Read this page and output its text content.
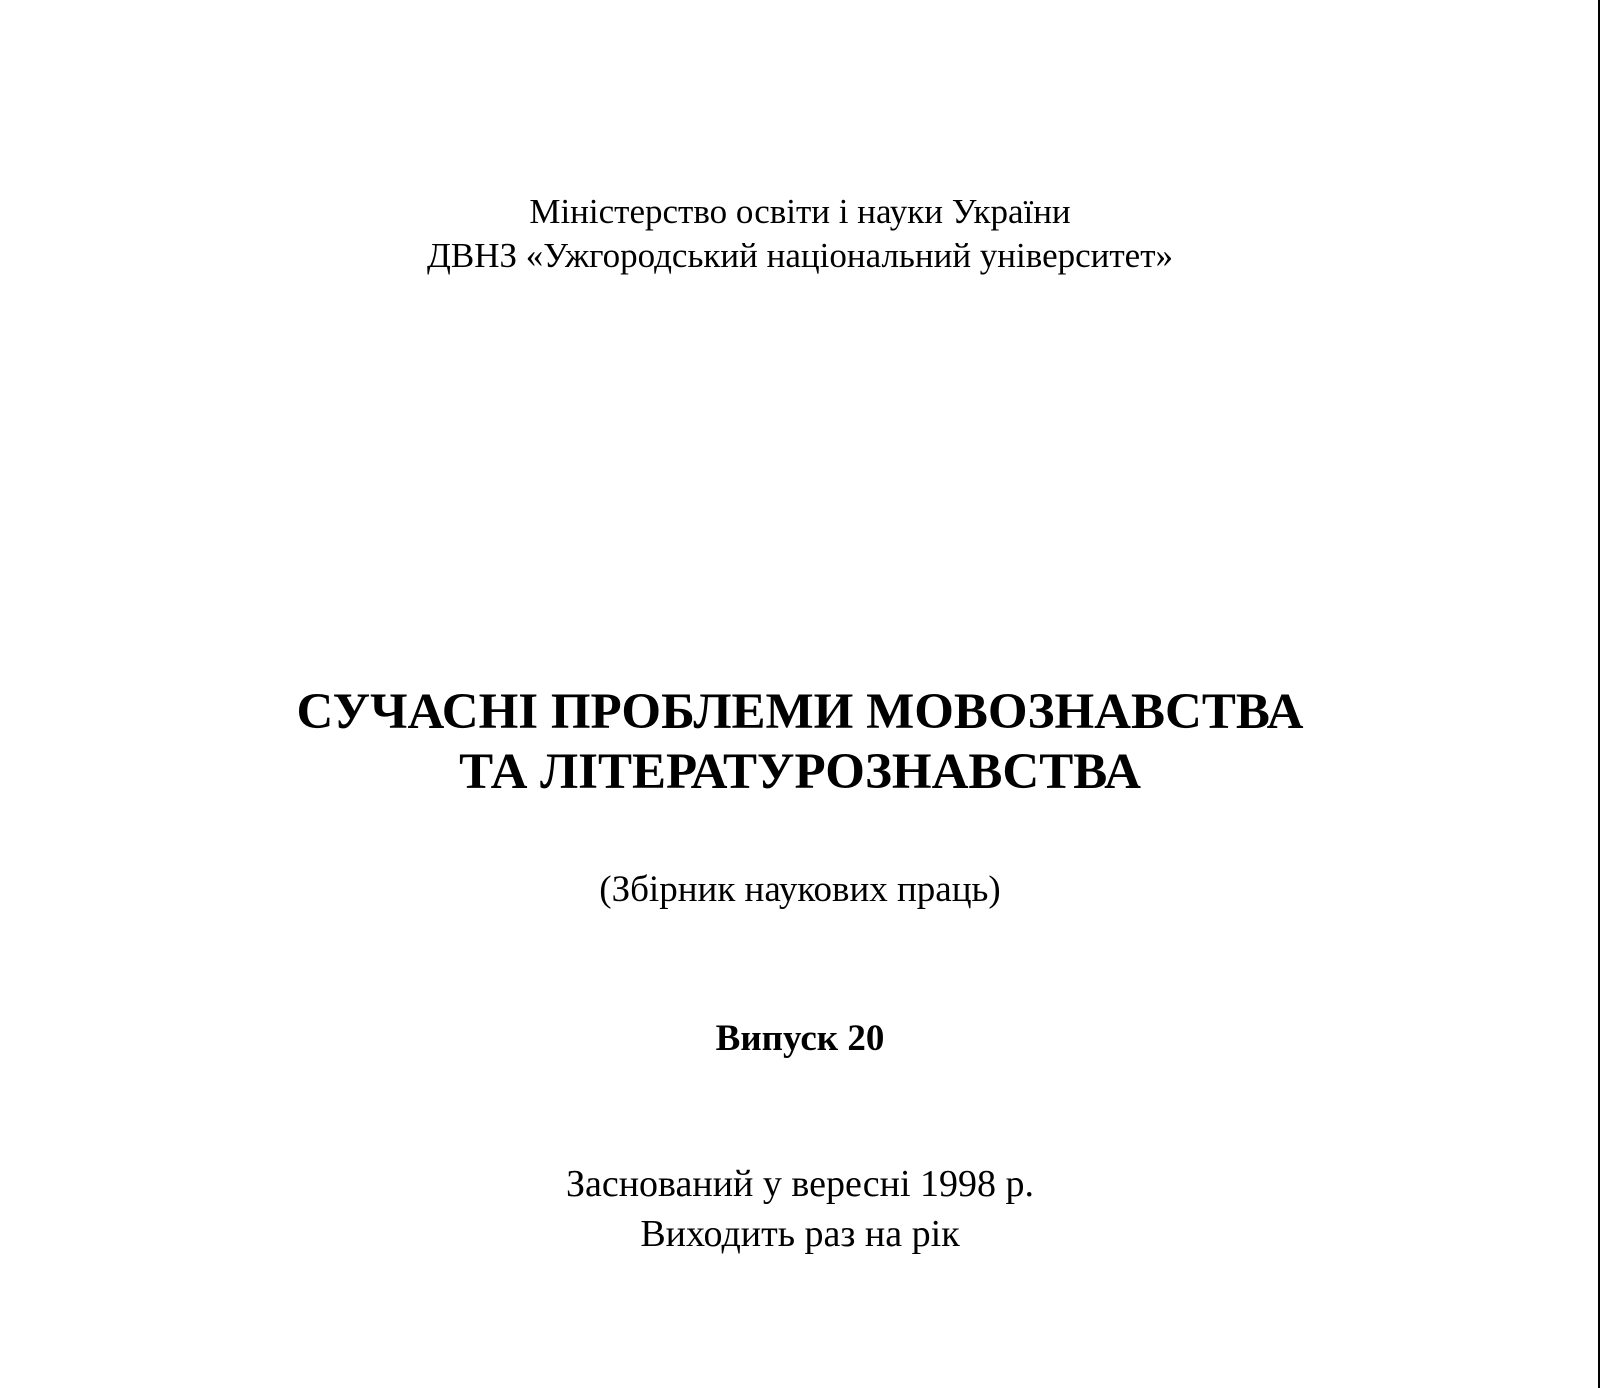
Міністерство освіти і науки України
ДВНЗ «Ужгородський національний університет»
СУЧАСНІ ПРОБЛЕМИ МОВОЗНАВСТВА
ТА ЛІТЕРАТУРОЗНАВСТВА
(Збірник наукових праць)
Випуск 20
Заснований у вересні 1998 р.
Виходить раз на рік
